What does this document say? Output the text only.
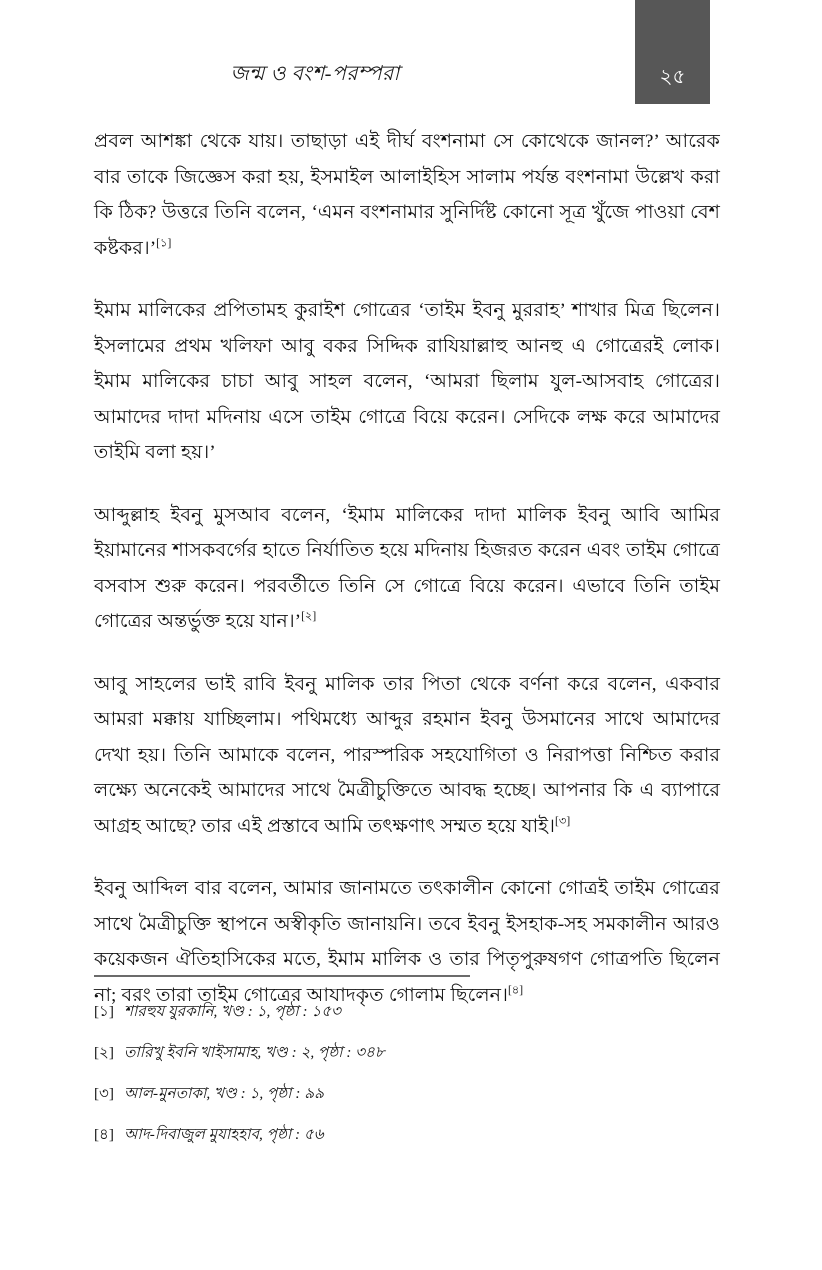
জন্ম ও বংশ-পরম্পরা	২৫

প্রবল আশঙ্কা থেকে যায়। তাছাড়া এই দীর্ঘ বংশনামা সে কোথেকে জানল?’ আরেক বার তাকে জিজ্ঞেস করা হয়, ইসমাইল আলাইহিস সালাম পর্যন্ত বংশনামা উল্লেখ করা কি ঠিক? উত্তরে তিনি বলেন, ‘এমন বংশনামার সুনির্দিষ্ট কোনো সূত্র খুঁজে পাওয়া বেশ কষ্টকর।’[১]

ইমাম মালিকের প্রপিতামহ কুরাইশ গোত্রের ‘তাইম ইবনু মুররাহ’ শাখার মিত্র ছিলেন। ইসলামের প্রথম খলিফা আবু বকর সিদ্দিক রাযিয়াল্লাহু আনহু এ গোত্রেরই লোক। ইমাম মালিকের চাচা আবু সাহল বলেন, ‘আমরা ছিলাম যুল-আসবাহ গোত্রের। আমাদের দাদা মদিনায় এসে তাইম গোত্রে বিয়ে করেন। সেদিকে লক্ষ করে আমাদের তাইমি বলা হয়।’

আব্দুল্লাহ ইবনু মুসআব বলেন, ‘ইমাম মালিকের দাদা মালিক ইবনু আবি আমির ইয়ামানের শাসকবর্গের হাতে নির্যাতিত হয়ে মদিনায় হিজরত করেন এবং তাইম গোত্রে বসবাস শুরু করেন। পরবর্তীতে তিনি সে গোত্রে বিয়ে করেন। এভাবে তিনি তাইম গোত্রের অন্তর্ভুক্ত হয়ে যান।’[২]

আবু সাহলের ভাই রাবি ইবনু মালিক তার পিতা থেকে বর্ণনা করে বলেন, একবার আমরা মক্কায় যাচ্ছিলাম। পথিমধ্যে আব্দুর রহমান ইবনু উসমানের সাথে আমাদের দেখা হয়। তিনি আমাকে বলেন, পারস্পরিক সহযোগিতা ও নিরাপত্তা নিশ্চিত করার লক্ষ্যে অনেকেই আমাদের সাথে মৈত্রীচুক্তিতে আবদ্ধ হচ্ছে। আপনার কি এ ব্যাপারে আগ্রহ আছে? তার এই প্রস্তাবে আমি তৎক্ষণাৎ সম্মত হয়ে যাই।[৩]

ইবনু আব্দিল বার বলেন, আমার জানামতে তৎকালীন কোনো গোত্রই তাইম গোত্রের সাথে মৈত্রীচুক্তি স্থাপনে অস্বীকৃতি জানায়নি। তবে ইবনু ইসহাক-সহ সমকালীন আরও কয়েকজন ঐতিহাসিকের মতে, ইমাম মালিক ও তার পিতৃপুরুষগণ গোত্রপতি ছিলেন না; বরং তারা তাইম গোত্রের আযাদকৃত গোলাম ছিলেন।[৪]

[১] শারহুয যুরকানি, খণ্ড : ১, পৃষ্ঠা : ১৫৩
[২] তারিখু ইবনি খাইসামাহ, খণ্ড : ২, পৃষ্ঠা : ৩৪৮
[৩] আল-মুনতাকা, খণ্ড : ১, পৃষ্ঠা : ৯৯
[৪] আদ-দিবাজুল মুযাহহাব, পৃষ্ঠা : ৫৬
